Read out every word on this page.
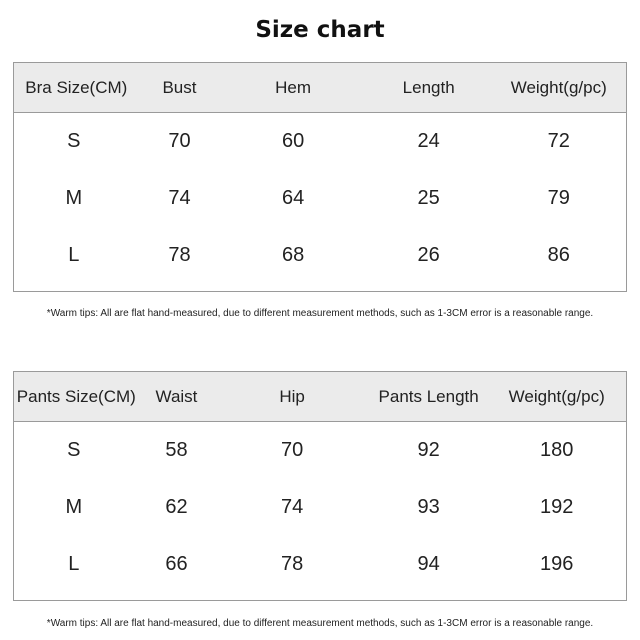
Size chart
Bra Size(CM)	Bust	Hem	Length	Weight(g/pc)
S	70	60	24	72
M	74	64	25	79
L	78	68	26	86
*Warm tips: All are flat hand-measured, due to different measurement methods, such as 1-3CM error is a reasonable range.
Pants Size(CM)	Waist	Hip	Pants Length	Weight(g/pc)
S	58	70	92	180
M	62	74	93	192
L	66	78	94	196
*Warm tips: All are flat hand-measured, due to different measurement methods, such as 1-3CM error is a reasonable range.
